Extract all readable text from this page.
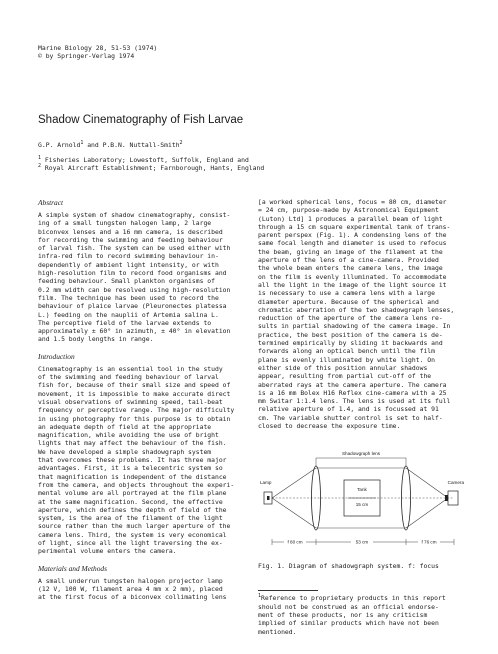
Marine Biology 28, 51-53 (1974)
© by Springer-Verlag 1974
Shadow Cinematography of Fish Larvae
G.P. Arnold$^1$ and P.B.N. Nuttall-Smith$^2$
$^1$ Fisheries Laboratory; Lowestoft, Suffolk, England and
$^2$ Royal Aircraft Establishment; Farnborough, Hants, England

Abstract

A simple system of shadow cinematography, consist-
ing of a small tungsten halogen lamp, 2 large
biconvex lenses and a 16 mm camera, is described
for recording the swimming and feeding behaviour
of larval fish. The system can be used either with
infra-red film to record swimming behaviour in-
dependently of ambient light intensity, or with
high-resolution film to record food organisms and
feeding behaviour. Small plankton organisms of
0.2 mm width can be resolved using high-resolution
film. The technique has been used to record the
behaviour of plaice larvae (Pleuronectes platessa
L.) feeding on the nauplii of Artemia salina L.
The perceptive field of the larvae extends to
approximately ± 60° in azimuth, ± 40° in elevation
and 1.5 body lengths in range.

Introduction

Cinematography is an essential tool in the study
of the swimming and feeding behaviour of larval
fish for, because of their small size and speed of
movement, it is impossible to make accurate direct
visual observations of swimming speed, tail-beat
frequency or perceptive range. The major difficulty
in using photography for this purpose is to obtain
an adequate depth of field at the appropriate
magnification, while avoiding the use of bright
lights that may affect the behaviour of the fish.

We have developed a simple shadowgraph system
that overcomes these problems. It has three major
advantages. First, it is a telecentric system so
that magnification is independent of the distance
from the camera, and objects throughout the experi-
mental volume are all portrayed at the film plane
at the same magnification. Second, the effective
aperture, which defines the depth of field of the
system, is the area of the filament of the light
source rather than the much larger aperture of the
camera lens. Third, the system is very economical
of light, since all the light traversing the ex-
perimental volume enters the camera.

Materials and Methods

A small underrun tungsten halogen projector lamp
(12 V, 100 W, filament area 4 mm x 2 mm), placed
at the first focus of a biconvex collimating lens

[a worked spherical lens, focus = 80 cm, diameter
= 24 cm, purpose-made by Astronomical Equipment
(Luton) Ltd] 1 produces a parallel beam of light
through a 15 cm square experimental tank of trans-
parent perspex (Fig. 1). A condensing lens of the
same focal length and diameter is used to refocus
the beam, giving an image of the filament at the
aperture of the lens of a cine-camera. Provided
the whole beam enters the camera lens, the image
on the film is evenly illuminated. To accommodate
all the light in the image of the light source it
is necessary to use a camera lens with a large
diameter aperture. Because of the spherical and
chromatic aberration of the two shadowgraph lenses,
reduction of the aperture of the camera lens re-
sults in partial shadowing of the camera image. In
practice, the best position of the camera is de-
termined empirically by sliding it backwards and
forwards along an optical bench until the film
plane is evenly illuminated by white light. On
either side of this position annular shadows
appear, resulting from partial cut-off of the
aberrated rays at the camera aperture. The camera
is a 16 mm Bolex H16 Reflex cine-camera with a 25
mm Switar 1:1.4 lens. The lens is used at its full
relative aperture of 1.4, and is focussed at 91
cm. The variable shutter control is set to half-
closed to decrease the exposure time.

Shadowgraph lens
Tank
15 cm
Lamp	Camera
f 80 cm	53 cm	f 76 cm

Fig. 1. Diagram of shadowgraph system. f: focus

$^1$Reference to proprietary products in this report
should not be construed as an official endorse-
ment of these products, nor is any criticism
implied of similar products which have not been
mentioned.
